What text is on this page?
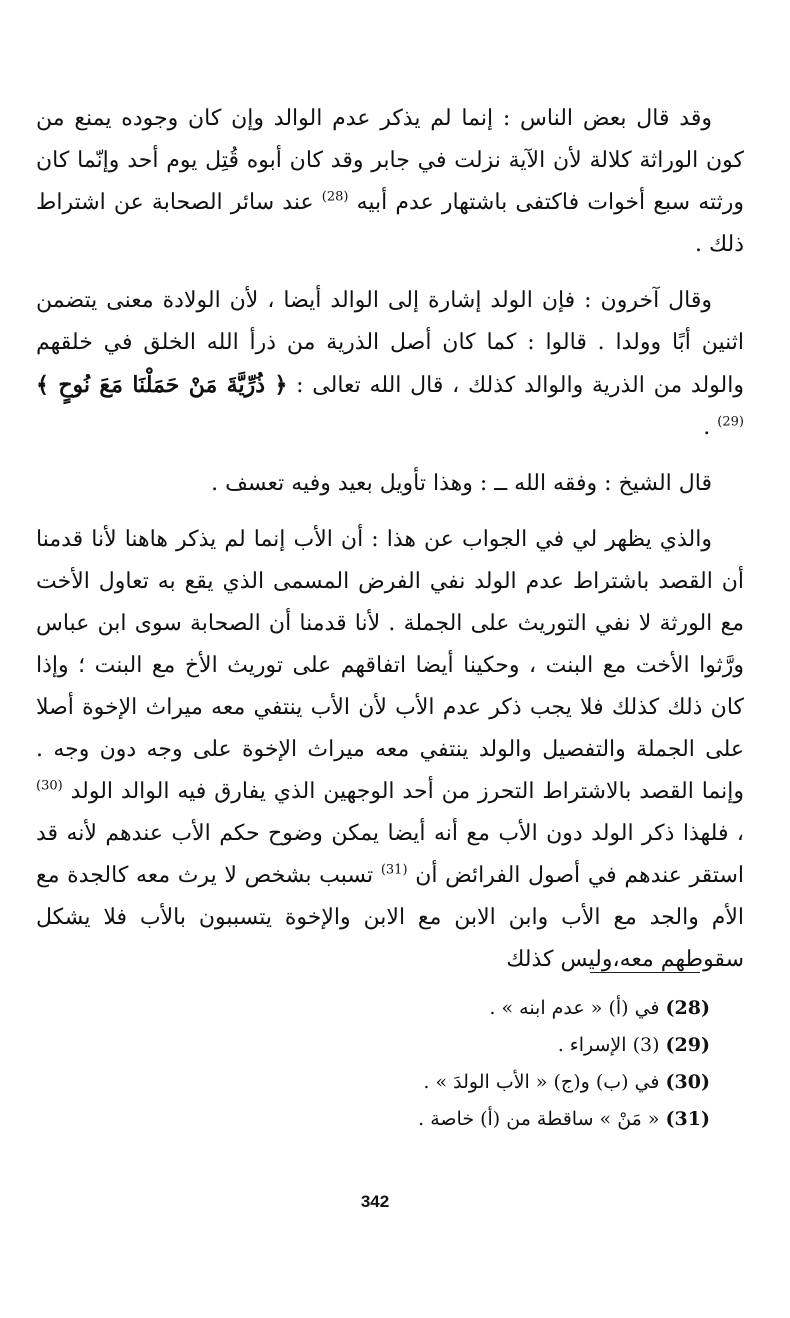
وقد قال بعض الناس : إنما لم يذكر عدم الوالد وإن كان وجوده يمنع من كون الوراثة كلالة لأن الآية نزلت في جابر وقد كان أبوه قُتِل يوم أحد وإنّما كان ورثته سبع أخوات فاكتفى باشتهار عدم أبيه $^{(28)}$ عند سائر الصحابة عن اشتراط ذلك .

وقال آخرون : فإن الولد إشارة إلى الوالد أيضا ، لأن الولادة معنى يتضمن اثنين أبًا وولدا . قالوا : كما كان أصل الذرية من ذرأ الله الخلق في خلقهم والولد من الذرية والوالد كذلك ، قال الله تعالى : ﴿ ذُرِّيَّةَ مَنْ حَمَلْنَا مَعَ نُوحٍ ﴾ $^{(29)}$ .

قال الشيخ : وفقه الله ــ : وهذا تأويل بعيد وفيه تعسف .

والذي يظهر لي في الجواب عن هذا : أن الأب إنما لم يذكر هاهنا لأنا قدمنا أن القصد باشتراط عدم الولد نفي الفرض المسمى الذي يقع به تعاول الأخت مع الورثة لا نفي التوريث على الجملة . لأنا قدمنا أن الصحابة سوى ابن عباس ورَّثوا الأخت مع البنت ، وحكينا أيضا اتفاقهم على توريث الأخ مع البنت ؛ وإذا كان ذلك كذلك فلا يجب ذكر عدم الأب لأن الأب ينتفي معه ميراث الإخوة أصلا على الجملة والتفصيل والولد ينتفي معه ميراث الإخوة على وجه دون وجه . وإنما القصد بالاشتراط التحرز من أحد الوجهين الذي يفارق فيه الوالد الولد $^{(30)}$ ، فلهذا ذكر الولد دون الأب مع أنه أيضا يمكن وضوح حكم الأب عندهم لأنه قد استقر عندهم في أصول الفرائض أن $^{(31)}$ تسبب بشخص لا يرث معه كالجدة مع الأم والجد مع الأب وابن الابن مع الابن والإخوة يتسببون بالأب فلا يشكل سقوطهم معه،وليس كذلك

(28) في (أ) « عدم ابنه » .

(29) (3) الإسراء .

(30) في (ب) و(ج) « الأب الولدَ » .

(31) « مَنْ » ساقطة من (أ) خاصة .

342
